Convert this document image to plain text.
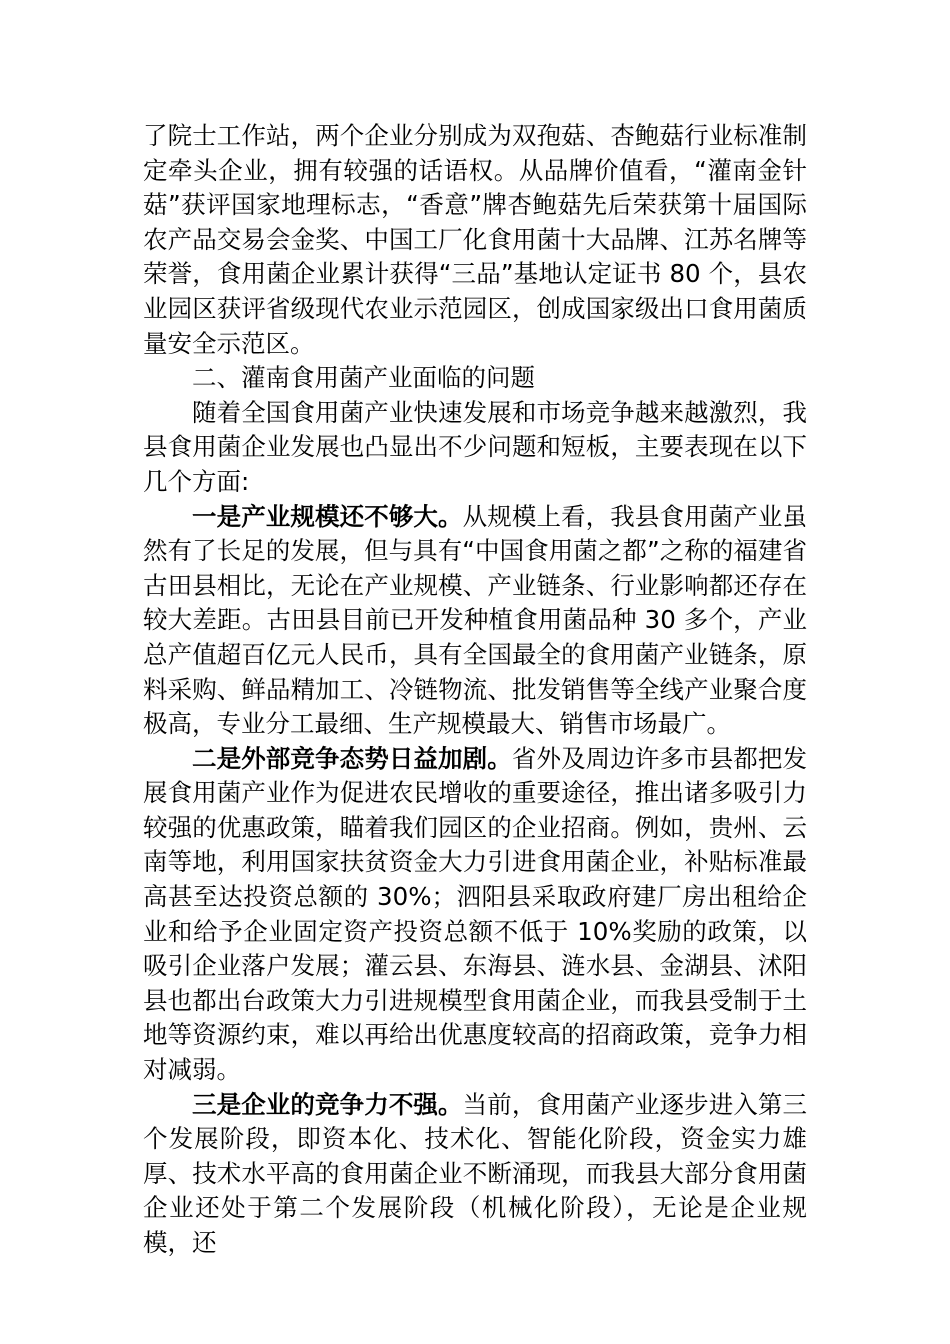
了院士工作站，两个企业分别成为双孢菇、杏鲍菇行业标准制定牵头企业，拥有较强的话语权。从品牌价值看，“灌南金针菇”获评国家地理标志，“香意”牌杏鲍菇先后荣获第十届国际农产品交易会金奖、中国工厂化食用菌十大品牌、江苏名牌等荣誉，食用菌企业累计获得“三品”基地认定证书 80 个，县农业园区获评省级现代农业示范园区，创成国家级出口食用菌质量安全示范区。

二、灌南食用菌产业面临的问题

随着全国食用菌产业快速发展和市场竞争越来越激烈，我县食用菌企业发展也凸显出不少问题和短板，主要表现在以下几个方面:

一是产业规模还不够大。从规模上看，我县食用菌产业虽然有了长足的发展，但与具有“中国食用菌之都”之称的福建省古田县相比，无论在产业规模、产业链条、行业影响都还存在较大差距。古田县目前已开发种植食用菌品种 30 多个，产业总产值超百亿元人民币，具有全国最全的食用菌产业链条，原料采购、鲜品精加工、冷链物流、批发销售等全线产业聚合度极高，专业分工最细、生产规模最大、销售市场最广。

二是外部竞争态势日益加剧。省外及周边许多市县都把发展食用菌产业作为促进农民增收的重要途径，推出诸多吸引力较强的优惠政策，瞄着我们园区的企业招商。例如，贵州、云南等地，利用国家扶贫资金大力引进食用菌企业，补贴标准最高甚至达投资总额的 30%；泗阳县采取政府建厂房出租给企业和给予企业固定资产投资总额不低于 10%奖励的政策，以吸引企业落户发展；灌云县、东海县、涟水县、金湖县、沭阳县也都出台政策大力引进规模型食用菌企业，而我县受制于土地等资源约束，难以再给出优惠度较高的招商政策，竞争力相对减弱。

三是企业的竞争力不强。当前，食用菌产业逐步进入第三个发展阶段，即资本化、技术化、智能化阶段，资金实力雄厚、技术水平高的食用菌企业不断涌现，而我县大部分食用菌企业还处于第二个发展阶段（机械化阶段），无论是企业规模，还
